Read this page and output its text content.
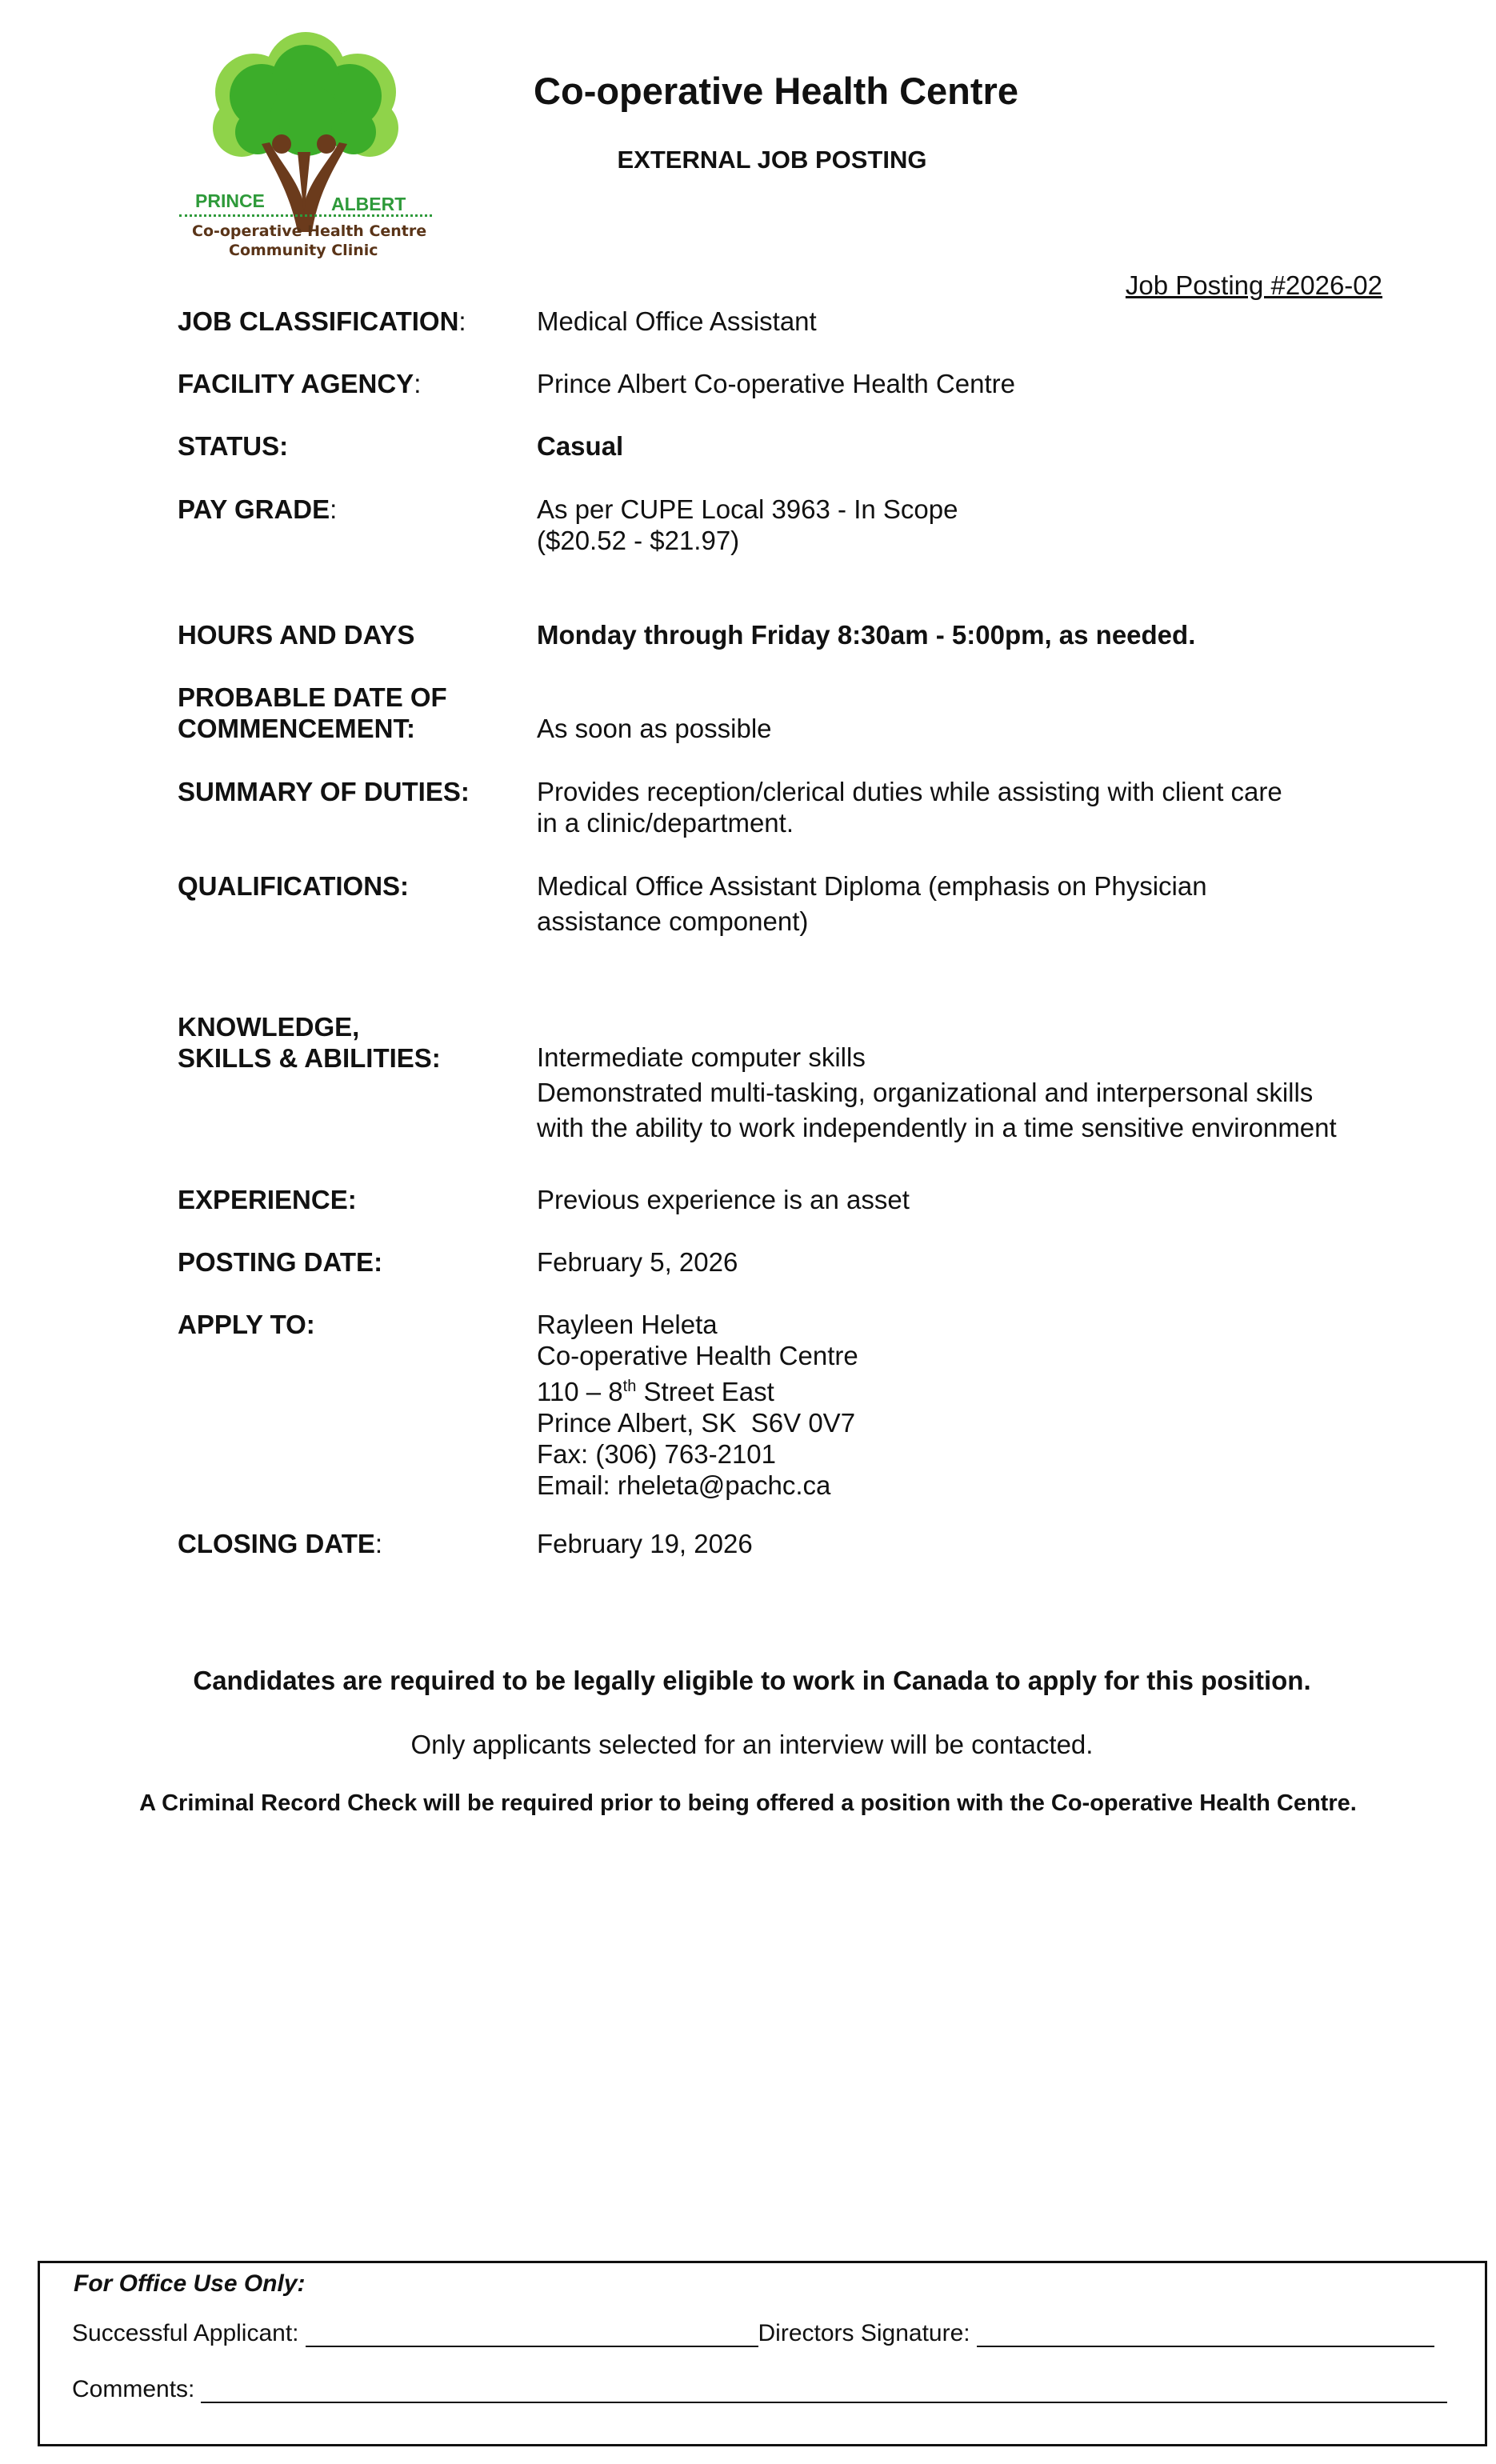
PRINCE	ALBERT
Co-operative Health Centre
Community Clinic
Co-operative Health Centre
EXTERNAL JOB POSTING
Job Posting #2026-02
JOB CLASSIFICATION:	Medical Office Assistant
FACILITY AGENCY:	Prince Albert Co-operative Health Centre
STATUS:	Casual
PAY GRADE:	As per CUPE Local 3963 - In Scope
($20.52 - $21.97)
HOURS AND DAYS	Monday through Friday 8:30am - 5:00pm, as needed.
PROBABLE DATE OF
COMMENCEMENT:	As soon as possible
SUMMARY OF DUTIES:	Provides reception/clerical duties while assisting with client care
in a clinic/department.
QUALIFICATIONS:	Medical Office Assistant Diploma (emphasis on Physician
assistance component)
KNOWLEDGE,
SKILLS & ABILITIES:	Intermediate computer skills
Demonstrated multi-tasking, organizational and interpersonal skills
with the ability to work independently in a time sensitive environment
EXPERIENCE:	Previous experience is an asset
POSTING DATE:	February 5, 2026
APPLY TO:	Rayleen Heleta
Co-operative Health Centre
110 – 8th Street East
Prince Albert, SK  S6V 0V7
Fax: (306) 763-2101
Email: rheleta@pachc.ca
CLOSING DATE:	February 19, 2026
Candidates are required to be legally eligible to work in Canada to apply for this position.
Only applicants selected for an interview will be contacted.
A Criminal Record Check will be required prior to being offered a position with the Co-operative Health Centre.
For Office Use Only:
Successful Applicant:	Directors Signature:
Comments:
